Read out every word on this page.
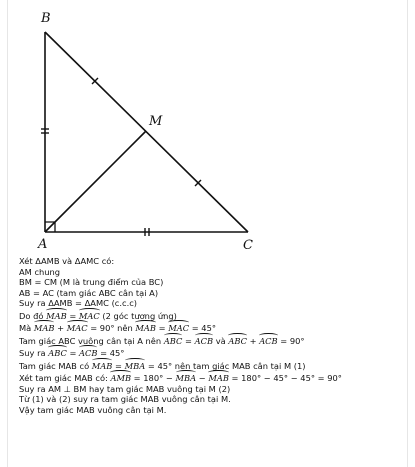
B
M
A	C

Xét ΔAMB và ΔAMC có:

AM chung

BM = CM (M là trung điểm của BC)

AB = AC (tam giác ABC cân tại A)

Suy ra ΔAMB = ΔAMC (c.c.c)

Do đó MAB = MAC (2 góc tương ứng)

Mà MAB + MAC = 90° nên MAB = MAC = 45°

Tam giác ABC vuông cân tại A nên ABC = ACB và ABC + ACB = 90°

Suy ra ABC = ACB = 45°

Tam giác MAB có MAB = MBA = 45° nên tam giác MAB cân tại M (1)

Xét tam giác MAB có: AMB = 180° − MBA − MAB = 180° − 45° − 45° = 90°

Suy ra AM ⊥ BM hay tam giác MAB vuông tại M (2)

Từ (1) và (2) suy ra tam giác MAB vuông cân tại M.

Vậy tam giác MAB vuông cân tại M.
